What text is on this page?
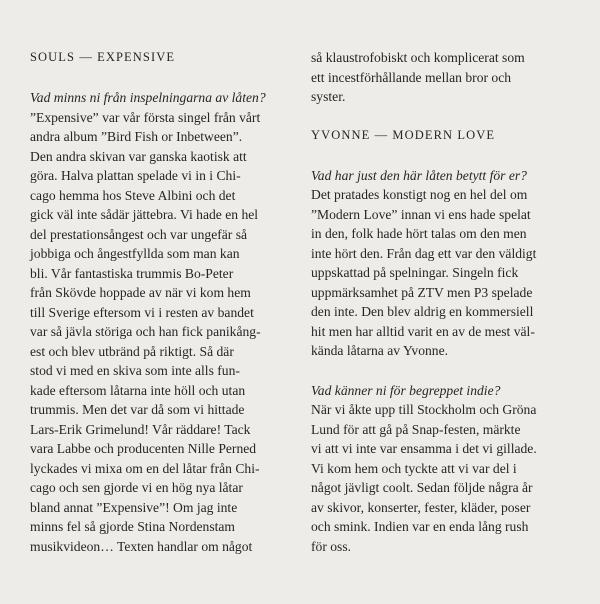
SOULS — EXPENSIVE

Vad minns ni från inspelningarna av låten?

”Expensive” var vår första singel från vårt
andra album ”Bird Fish or Inbetween”.
Den andra skivan var ganska kaotisk att
göra. Halva plattan spelade vi in i Chi-
cago hemma hos Steve Albini och det
gick väl inte sådär jättebra. Vi hade en hel
del prestationsångest och var ungefär så
jobbiga och ångestfyllda som man kan
bli. Vår fantastiska trummis Bo-Peter
från Skövde hoppade av när vi kom hem
till Sverige eftersom vi i resten av bandet
var så jävla störiga och han fick panikång-
est och blev utbränd på riktigt. Så där
stod vi med en skiva som inte alls fun-
kade eftersom låtarna inte höll och utan
trummis. Men det var då som vi hittade
Lars-Erik Grimelund! Vår räddare! Tack
vara Labbe och producenten Nille Perned
lyckades vi mixa om en del låtar från Chi-
cago och sen gjorde vi en hög nya låtar
bland annat ”Expensive”! Om jag inte
minns fel så gjorde Stina Nordenstam
musikvideon… Texten handlar om något
så klaustrofobiskt och komplicerat som
ett incestförhållande mellan bror och
syster.
YVONNE — MODERN LOVE

Vad har just den här låten betytt för er?

Det pratades konstigt nog en hel del om
”Modern Love” innan vi ens hade spelat
in den, folk hade hört talas om den men
inte hört den. Från dag ett var den väldigt
uppskattad på spelningar. Singeln fick
uppmärksamhet på ZTV men P3 spelade
den inte. Den blev aldrig en kommersiell
hit men har alltid varit en av de mest väl-
kända låtarna av Yvonne.

Vad känner ni för begreppet indie?

När vi åkte upp till Stockholm och Gröna
Lund för att gå på Snap-festen, märkte
vi att vi inte var ensamma i det vi gillade.
Vi kom hem och tyckte att vi var del i
något jävligt coolt. Sedan följde några år
av skivor, konserter, fester, kläder, poser
och smink. Indien var en enda lång rush
för oss.
